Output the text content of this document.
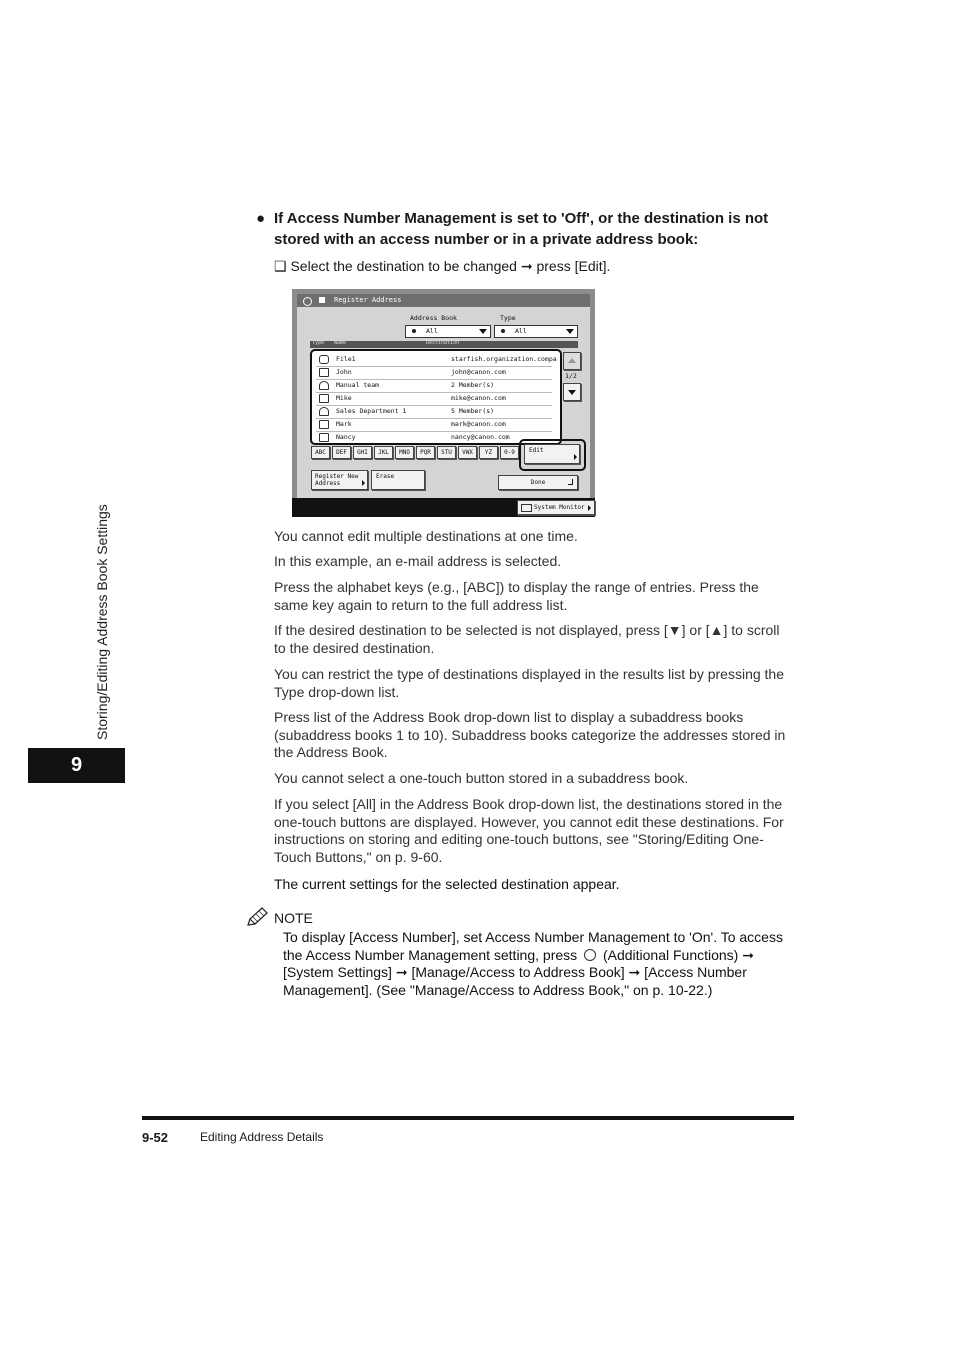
Storing/Editing Address Book Settings
9
● If Access Number Management is set to 'Off', or the destination is not stored with an access number or in a private address book:
❑ Select the destination to be changed ➞ press [Edit].
Register Address
Address Book	Type
All	All
Type Name	Destination
File1	starfish.organization.compa
John	john@canon.com
Manual team	2 Member(s)
Mike	mike@canon.com
Sales Department 1	5 Member(s)
Mark	mark@canon.com
Nancy	nancy@canon.com
1/2
ABC	DEF	GHI	JKL	MNO	PQR	STU	VWX	YZ	0-9	Edit
Register New Address
Erase
Done
System Monitor
You cannot edit multiple destinations at one time.
In this example, an e-mail address is selected.
Press the alphabet keys (e.g., [ABC]) to display the range of entries. Press the same key again to return to the full address list.
If the desired destination to be selected is not displayed, press [▼] or [▲] to scroll to the desired destination.
You can restrict the type of destinations displayed in the results list by pressing the Type drop-down list.
Press list of the Address Book drop-down list to display a subaddress books (subaddress books 1 to 10). Subaddress books categorize the addresses stored in the Address Book.
You cannot select a one-touch button stored in a subaddress book.
If you select [All] in the Address Book drop-down list, the destinations stored in the one-touch buttons are displayed. However, you cannot edit these destinations. For instructions on storing and editing one-touch buttons, see "Storing/Editing One-Touch Buttons," on p. 9-60.
The current settings for the selected destination appear.
NOTE
To display [Access Number], set Access Number Management to 'On'. To access the Access Number Management setting, press (Additional Functions) ➞ [System Settings] ➞ [Manage/Access to Address Book] ➞ [Access Number Management]. (See "Manage/Access to Address Book," on p. 10-22.)
9-52	Editing Address Details
